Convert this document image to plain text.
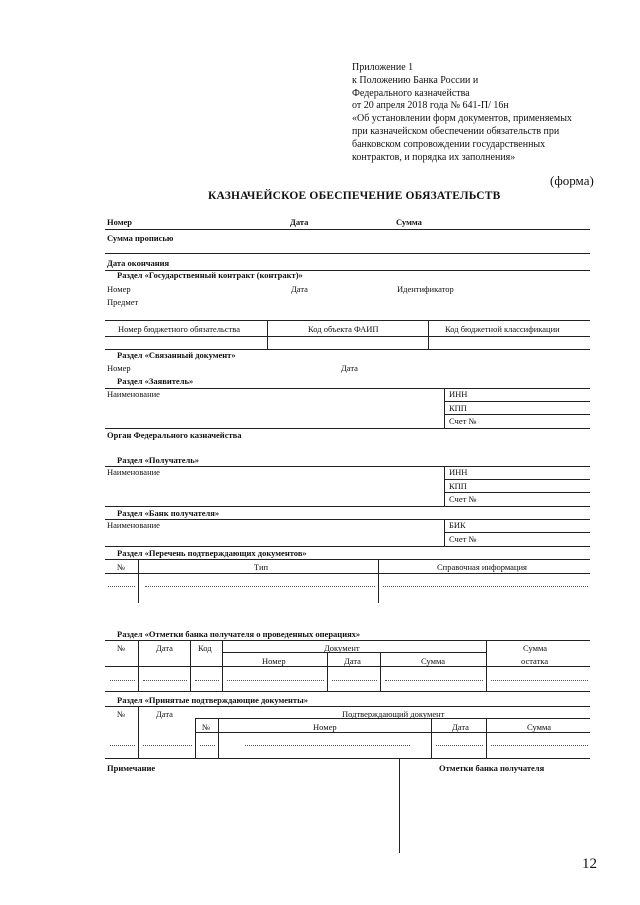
Приложение 1
к Положению Банка России и
Федерального казначейства
от 20 апреля 2018 года № 641-П/ 16н
«Об установлении форм документов, применяемых
при казначейском обеспечении обязательств при
банковском сопровождении государственных
контрактов, и порядка их заполнения»
(форма)
КАЗНАЧЕЙСКОЕ ОБЕСПЕЧЕНИЕ ОБЯЗАТЕЛЬСТВ
Номер	Дата	Сумма
Сумма прописью
Дата окончания
Раздел «Государственный контракт (контракт)»
Номер	Дата	Идентификатор
Предмет
Номер бюджетного обязательства	Код объекта ФАИП	Код бюджетной классификации
Раздел «Связанный документ»
Номер	Дата
Раздел «Заявитель»
Наименование	ИНН
КПП
Счет №
Орган Федерального казначейства
Раздел «Получатель»
Наименование	ИНН
КПП
Счет №
Раздел «Банк получателя»
Наименование	БИК
Счет №
Раздел «Перечень подтверждающих документов»
№	Тип	Справочная информация
Раздел «Отметки банка получателя о проведенных операциях»
№	Дата	Код	Документ	Сумма
Номер	Дата	Сумма	остатка
Раздел «Принятые подтверждающие документы»
№	Дата	Подтверждающий документ
№	Номер	Дата	Сумма
Примечание	Отметки банка получателя
12
